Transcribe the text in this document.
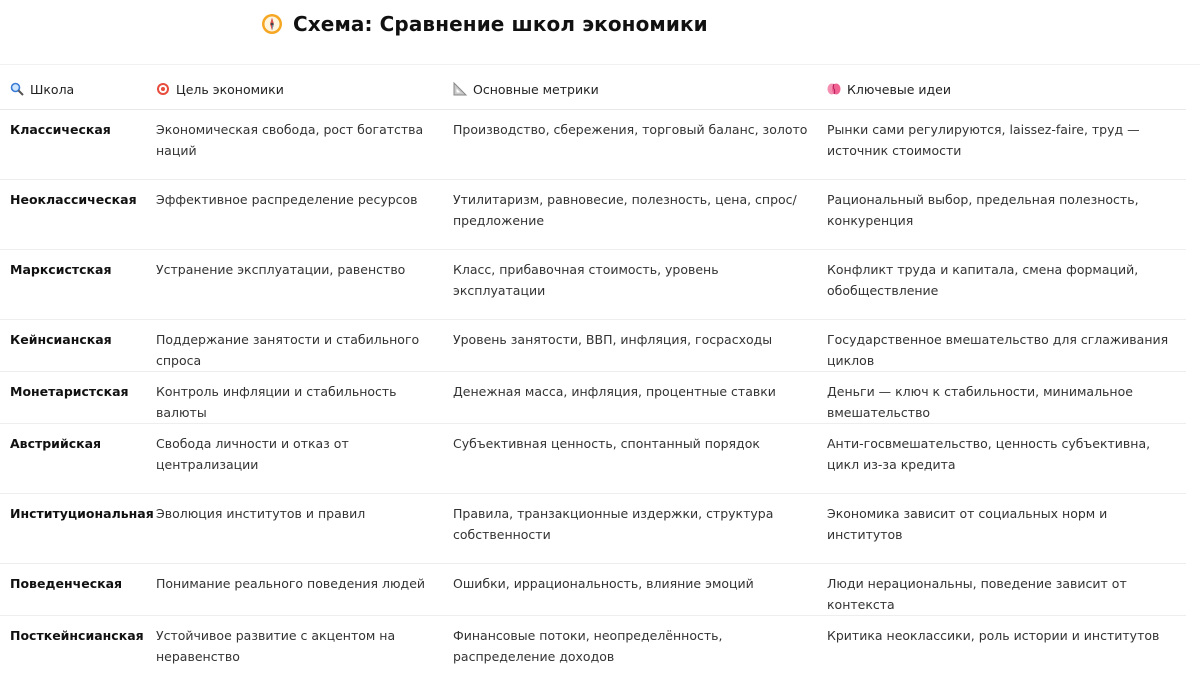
Схема: Сравнение школ экономики
Школа	Цель экономики	Основные метрики	Ключевые идеи
Классическая	Экономическая свобода, рост богатства наций	Производство, сбережения, торговый баланс, золото	Рынки сами регулируются, laissez-faire, труд — источник стоимости
Неоклассическая	Эффективное распределение ресурсов	Утилитаризм, равновесие, полезность, цена, спрос/предложение	Рациональный выбор, предельная полезность, конкуренция
Марксистская	Устранение эксплуатации, равенство	Класс, прибавочная стоимость, уровень эксплуатации	Конфликт труда и капитала, смена формаций, обобществление
Кейнсианская	Поддержание занятости и стабильного спроса	Уровень занятости, ВВП, инфляция, госрасходы	Государственное вмешательство для сглаживания циклов
Монетаристская	Контроль инфляции и стабильность валюты	Денежная масса, инфляция, процентные ставки	Деньги — ключ к стабильности, минимальное вмешательство
Австрийская	Свобода личности и отказ от централизации	Субъективная ценность, спонтанный порядок	Анти-госвмешательство, ценность субъективна, цикл из-за кредита
Институциональная	Эволюция институтов и правил	Правила, транзакционные издержки, структура собственности	Экономика зависит от социальных норм и институтов
Поведенческая	Понимание реального поведения людей	Ошибки, иррациональность, влияние эмоций	Люди нерациональны, поведение зависит от контекста
Посткейнсианская	Устойчивое развитие с акцентом на неравенство	Финансовые потоки, неопределённость, распределение доходов	Критика неоклассики, роль истории и институтов
